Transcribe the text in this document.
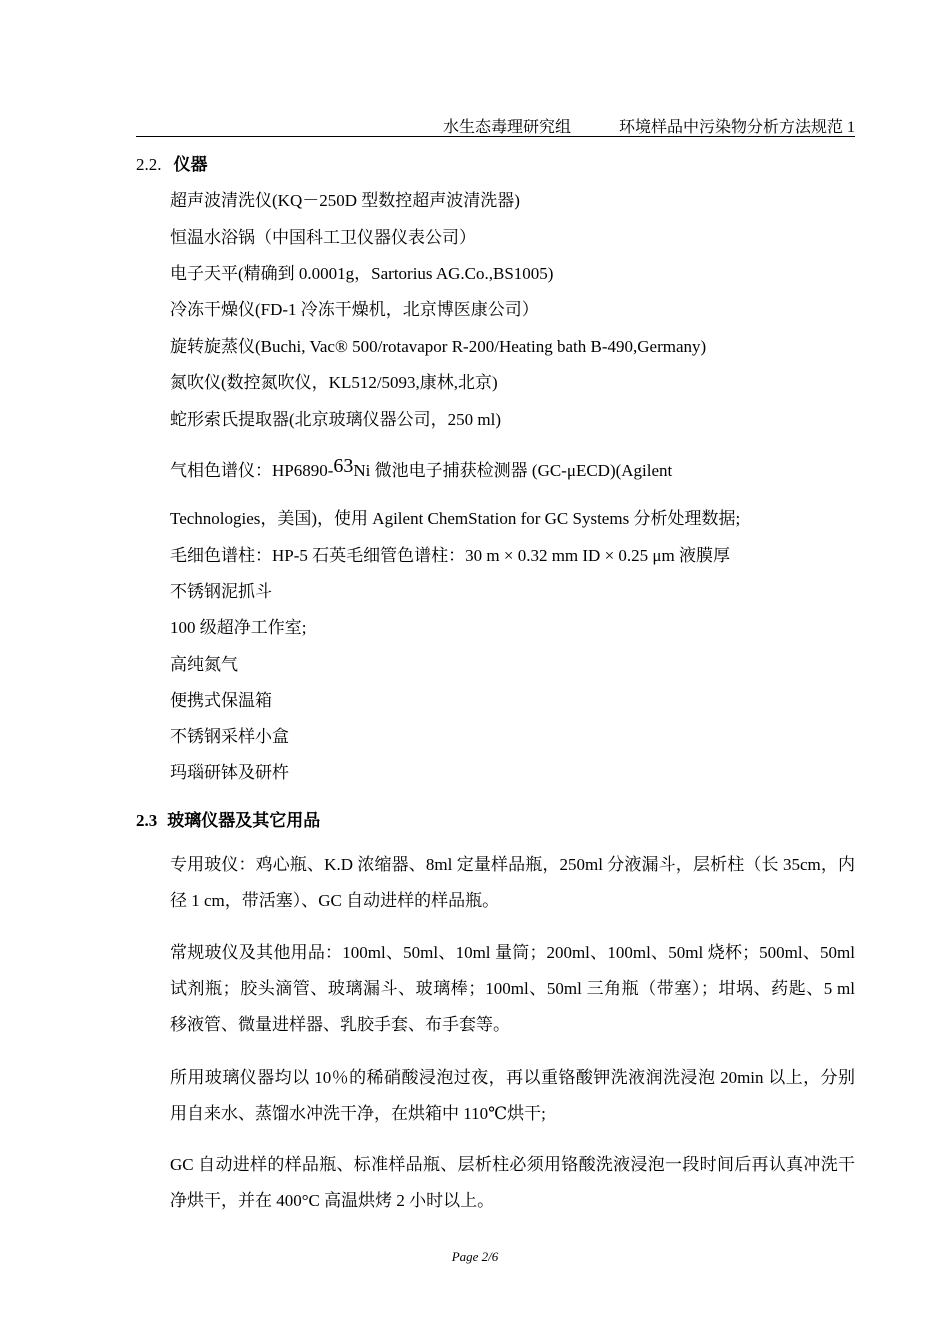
水生态毒理研究组	环境样品中污染物分析方法规范 1
2.2. 仪器
超声波清洗仪(KQ－250D 型数控超声波清洗器)
恒温水浴锅（中国科工卫仪器仪表公司）
电子天平(精确到 0.0001g，Sartorius AG.Co.,BS1005)
冷冻干燥仪(FD-1 冷冻干燥机，北京博医康公司）
旋转旋蒸仪(Buchi, Vac® 500/rotavapor R-200/Heating bath B-490,Germany)
氮吹仪(数控氮吹仪，KL512/5093,康林,北京)
蛇形索氏提取器(北京玻璃仪器公司，250 ml)
气相色谱仪：HP6890-63Ni 微池电子捕获检测器 (GC-μECD)(Agilent
Technologies，美国)，使用 Agilent ChemStation for GC Systems 分析处理数据;
毛细色谱柱：HP-5 石英毛细管色谱柱：30 m × 0.32 mm ID × 0.25 μm 液膜厚
不锈钢泥抓斗
100 级超净工作室;
高纯氮气
便携式保温箱
不锈钢采样小盒
玛瑙研钵及研杵
2.3 玻璃仪器及其它用品
专用玻仪：鸡心瓶、K.D 浓缩器、8ml 定量样品瓶，250ml 分液漏斗，层析柱（长 35cm，内径 1 cm，带活塞）、GC 自动进样的样品瓶。
常规玻仪及其他用品：100ml、50ml、10ml 量筒；200ml、100ml、50ml 烧杯；500ml、50ml 试剂瓶；胶头滴管、玻璃漏斗、玻璃棒；100ml、50ml 三角瓶（带塞）；坩埚、药匙、5 ml 移液管、微量进样器、乳胶手套、布手套等。
所用玻璃仪器均以 10％的稀硝酸浸泡过夜，再以重铬酸钾洗液润洗浸泡 20min 以上，分别用自来水、蒸馏水冲洗干净，在烘箱中 110℃烘干;
GC 自动进样的样品瓶、标准样品瓶、层析柱必须用铬酸洗液浸泡一段时间后再认真冲洗干净烘干，并在 400°C 高温烘烤 2 小时以上。
Page 2/6
